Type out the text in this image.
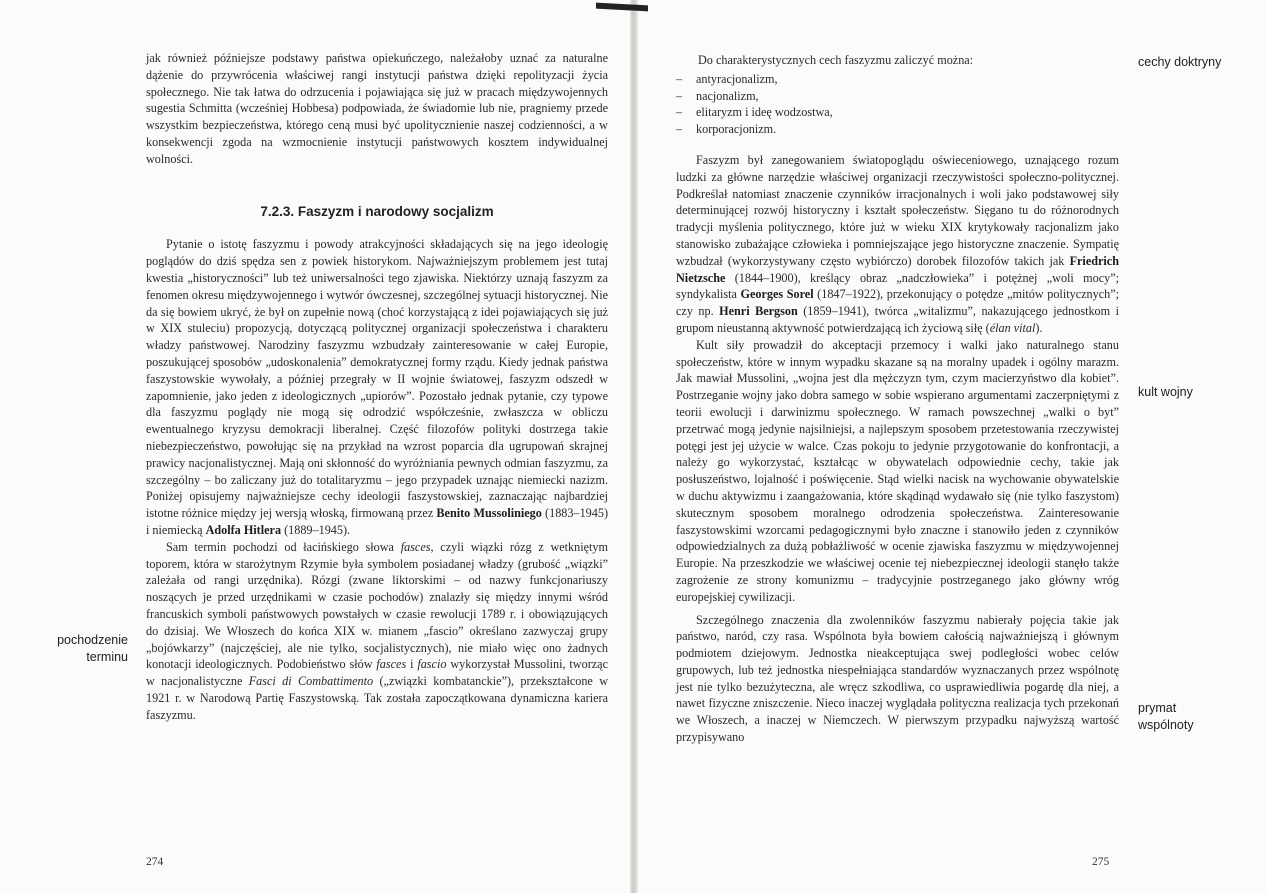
jak również późniejsze podstawy państwa opiekuńczego, należałoby uznać za naturalne dążenie do przywrócenia właściwej rangi instytucji państwa dzięki repolityzacji życia społecznego. Nie tak łatwa do odrzucenia i pojawiająca się już w pracach międzywojennych sugestia Schmitta (wcześniej Hobbesa) podpowiada, że świadomie lub nie, pragniemy przede wszystkim bezpieczeństwa, którego ceną musi być upolitycznienie naszej codzienności, a w konsekwencji zgoda na wzmocnienie instytucji państwowych kosztem indywidualnej wolności.

7.2.3. Faszyzm i narodowy socjalizm

Pytanie o istotę faszyzmu i powody atrakcyjności składających się na jego ideologię poglądów do dziś spędza sen z powiek historykom. Najważniejszym problemem jest tutaj kwestia „historyczności” lub też uniwersalności tego zjawiska. Niektórzy uznają faszyzm za fenomen okresu międzywojennego i wytwór ówczesnej, szczególnej sytuacji historycznej. Nie da się bowiem ukryć, że był on zupełnie nową (choć korzystającą z idei pojawiających się już w XIX stuleciu) propozycją, dotyczącą politycznej organizacji społeczeństwa i charakteru władzy państwowej. Narodziny faszyzmu wzbudzały zainteresowanie w całej Europie, poszukującej sposobów „udoskonalenia” demokratycznej formy rządu. Kiedy jednak państwa faszystowskie wywołały, a później przegrały w II wojnie światowej, faszyzm odszedł w zapomnienie, jako jeden z ideologicznych „upiorów”. Pozostało jednak pytanie, czy typowe dla faszyzmu poglądy nie mogą się odrodzić współcześnie, zwłaszcza w obliczu ewentualnego kryzysu demokracji liberalnej. Część filozofów polityki dostrzega takie niebezpieczeństwo, powołując się na przykład na wzrost poparcia dla ugrupowań skrajnej prawicy nacjonalistycznej. Mają oni skłonność do wyróżniania pewnych odmian faszyzmu, za szczególny – bo zaliczany już do totalitaryzmu – jego przypadek uznając niemiecki nazizm. Poniżej opisujemy najważniejsze cechy ideologii faszystowskiej, zaznaczając najbardziej istotne różnice między jej wersją włoską, firmowaną przez Benito Mussoliniego (1883–1945) i niemiecką Adolfa Hitlera (1889–1945).

Sam termin pochodzi od łacińskiego słowa fasces, czyli wiązki rózg z wetkniętym toporem, która w starożytnym Rzymie była symbolem posiadanej władzy (grubość „wiązki” zależała od rangi urzędnika). Rózgi (zwane liktorskimi – od nazwy funkcjonariuszy noszących je przed urzędnikami w czasie pochodów) znalazły się między innymi wśród francuskich symboli państwowych powstałych w czasie rewolucji 1789 r. i obowiązujących do dzisiaj. We Włoszech do końca XIX w. mianem „fascio” określano zazwyczaj grupy „bojówkarzy” (najczęściej, ale nie tylko, socjalistycznych), nie miało więc ono żadnych konotacji ideologicznych. Podobieństwo słów fasces i fascio wykorzystał Mussolini, tworząc w nacjonalistyczne Fasci di Combattimento („związki kombatanckie”), przekształcone w 1921 r. w Narodową Partię Faszystowską. Tak została zapoczątkowana dynamiczna kariera faszyzmu.

pochodzenie
terminu
274

Do charakterystycznych cech faszyzmu zaliczyć można:

– antyracjonalizm,
– nacjonalizm,
– elitaryzm i ideę wodzostwa,
– korporacjonizm.

Faszyzm był zanegowaniem światopoglądu oświeceniowego, uznającego rozum ludzki za główne narzędzie właściwej organizacji rzeczywistości społeczno-politycznej. Podkreślał natomiast znaczenie czynników irracjonalnych i woli jako podstawowej siły determinującej rozwój historyczny i kształt społeczeństw. Sięgano tu do różnorodnych tradycji myślenia politycznego, które już w wieku XIX krytykowały racjonalizm jako stanowisko zubażające człowieka i pomniejszające jego historyczne znaczenie. Sympatię wzbudzał (wykorzystywany często wybiórczo) dorobek filozofów takich jak Friedrich Nietzsche (1844–1900), kreślący obraz „nadczłowieka” i potężnej „woli mocy”; syndykalista Georges Sorel (1847–1922), przekonujący o potędze „mitów politycznych”; czy np. Henri Bergson (1859–1941), twórca „witalizmu”, nakazującego jednostkom i grupom nieustanną aktywność potwierdzającą ich życiową siłę (élan vital).

Kult siły prowadził do akceptacji przemocy i walki jako naturalnego stanu społeczeństw, które w innym wypadku skazane są na moralny upadek i ogólny marazm. Jak mawiał Mussolini, „wojna jest dla mężczyzn tym, czym macierzyństwo dla kobiet”. Postrzeganie wojny jako dobra samego w sobie wspierano argumentami zaczerpniętymi z teorii ewolucji i darwinizmu społecznego. W ramach powszechnej „walki o byt” przetrwać mogą jedynie najsilniejsi, a najlepszym sposobem przetestowania rzeczywistej potęgi jest jej użycie w walce. Czas pokoju to jedynie przygotowanie do konfrontacji, a należy go wykorzystać, kształcąc w obywatelach odpowiednie cechy, takie jak posłuszeństwo, lojalność i poświęcenie. Stąd wielki nacisk na wychowanie obywatelskie w duchu aktywizmu i zaangażowania, które skądinąd wydawało się (nie tylko faszystom) skutecznym sposobem moralnego odrodzenia społeczeństwa. Zainteresowanie faszystowskimi wzorcami pedagogicznymi było znaczne i stanowiło jeden z czynników odpowiedzialnych za dużą pobłażliwość w ocenie zjawiska faszyzmu w międzywojennej Europie. Na przeszkodzie we właściwej ocenie tej niebezpiecznej ideologii stanęło także zagrożenie ze strony komunizmu – tradycyjnie postrzeganego jako główny wróg europejskiej cywilizacji.

Szczególnego znaczenia dla zwolenników faszyzmu nabierały pojęcia takie jak państwo, naród, czy rasa. Wspólnota była bowiem całością najważniejszą i głównym podmiotem dziejowym. Jednostka nieakceptująca swej podległości wobec celów grupowych, lub też jednostka niespełniająca standardów wyznaczanych przez wspólnotę jest nie tylko bezużyteczna, ale wręcz szkodliwa, co usprawiedliwia pogardę dla niej, a nawet fizyczne zniszczenie. Nieco inaczej wyglądała polityczna realizacja tych przekonań we Włoszech, a inaczej w Niemczech. W pierwszym przypadku najwyższą wartość przypisywano

cechy doktryny
kult wojny
prymat
wspólnoty
275
